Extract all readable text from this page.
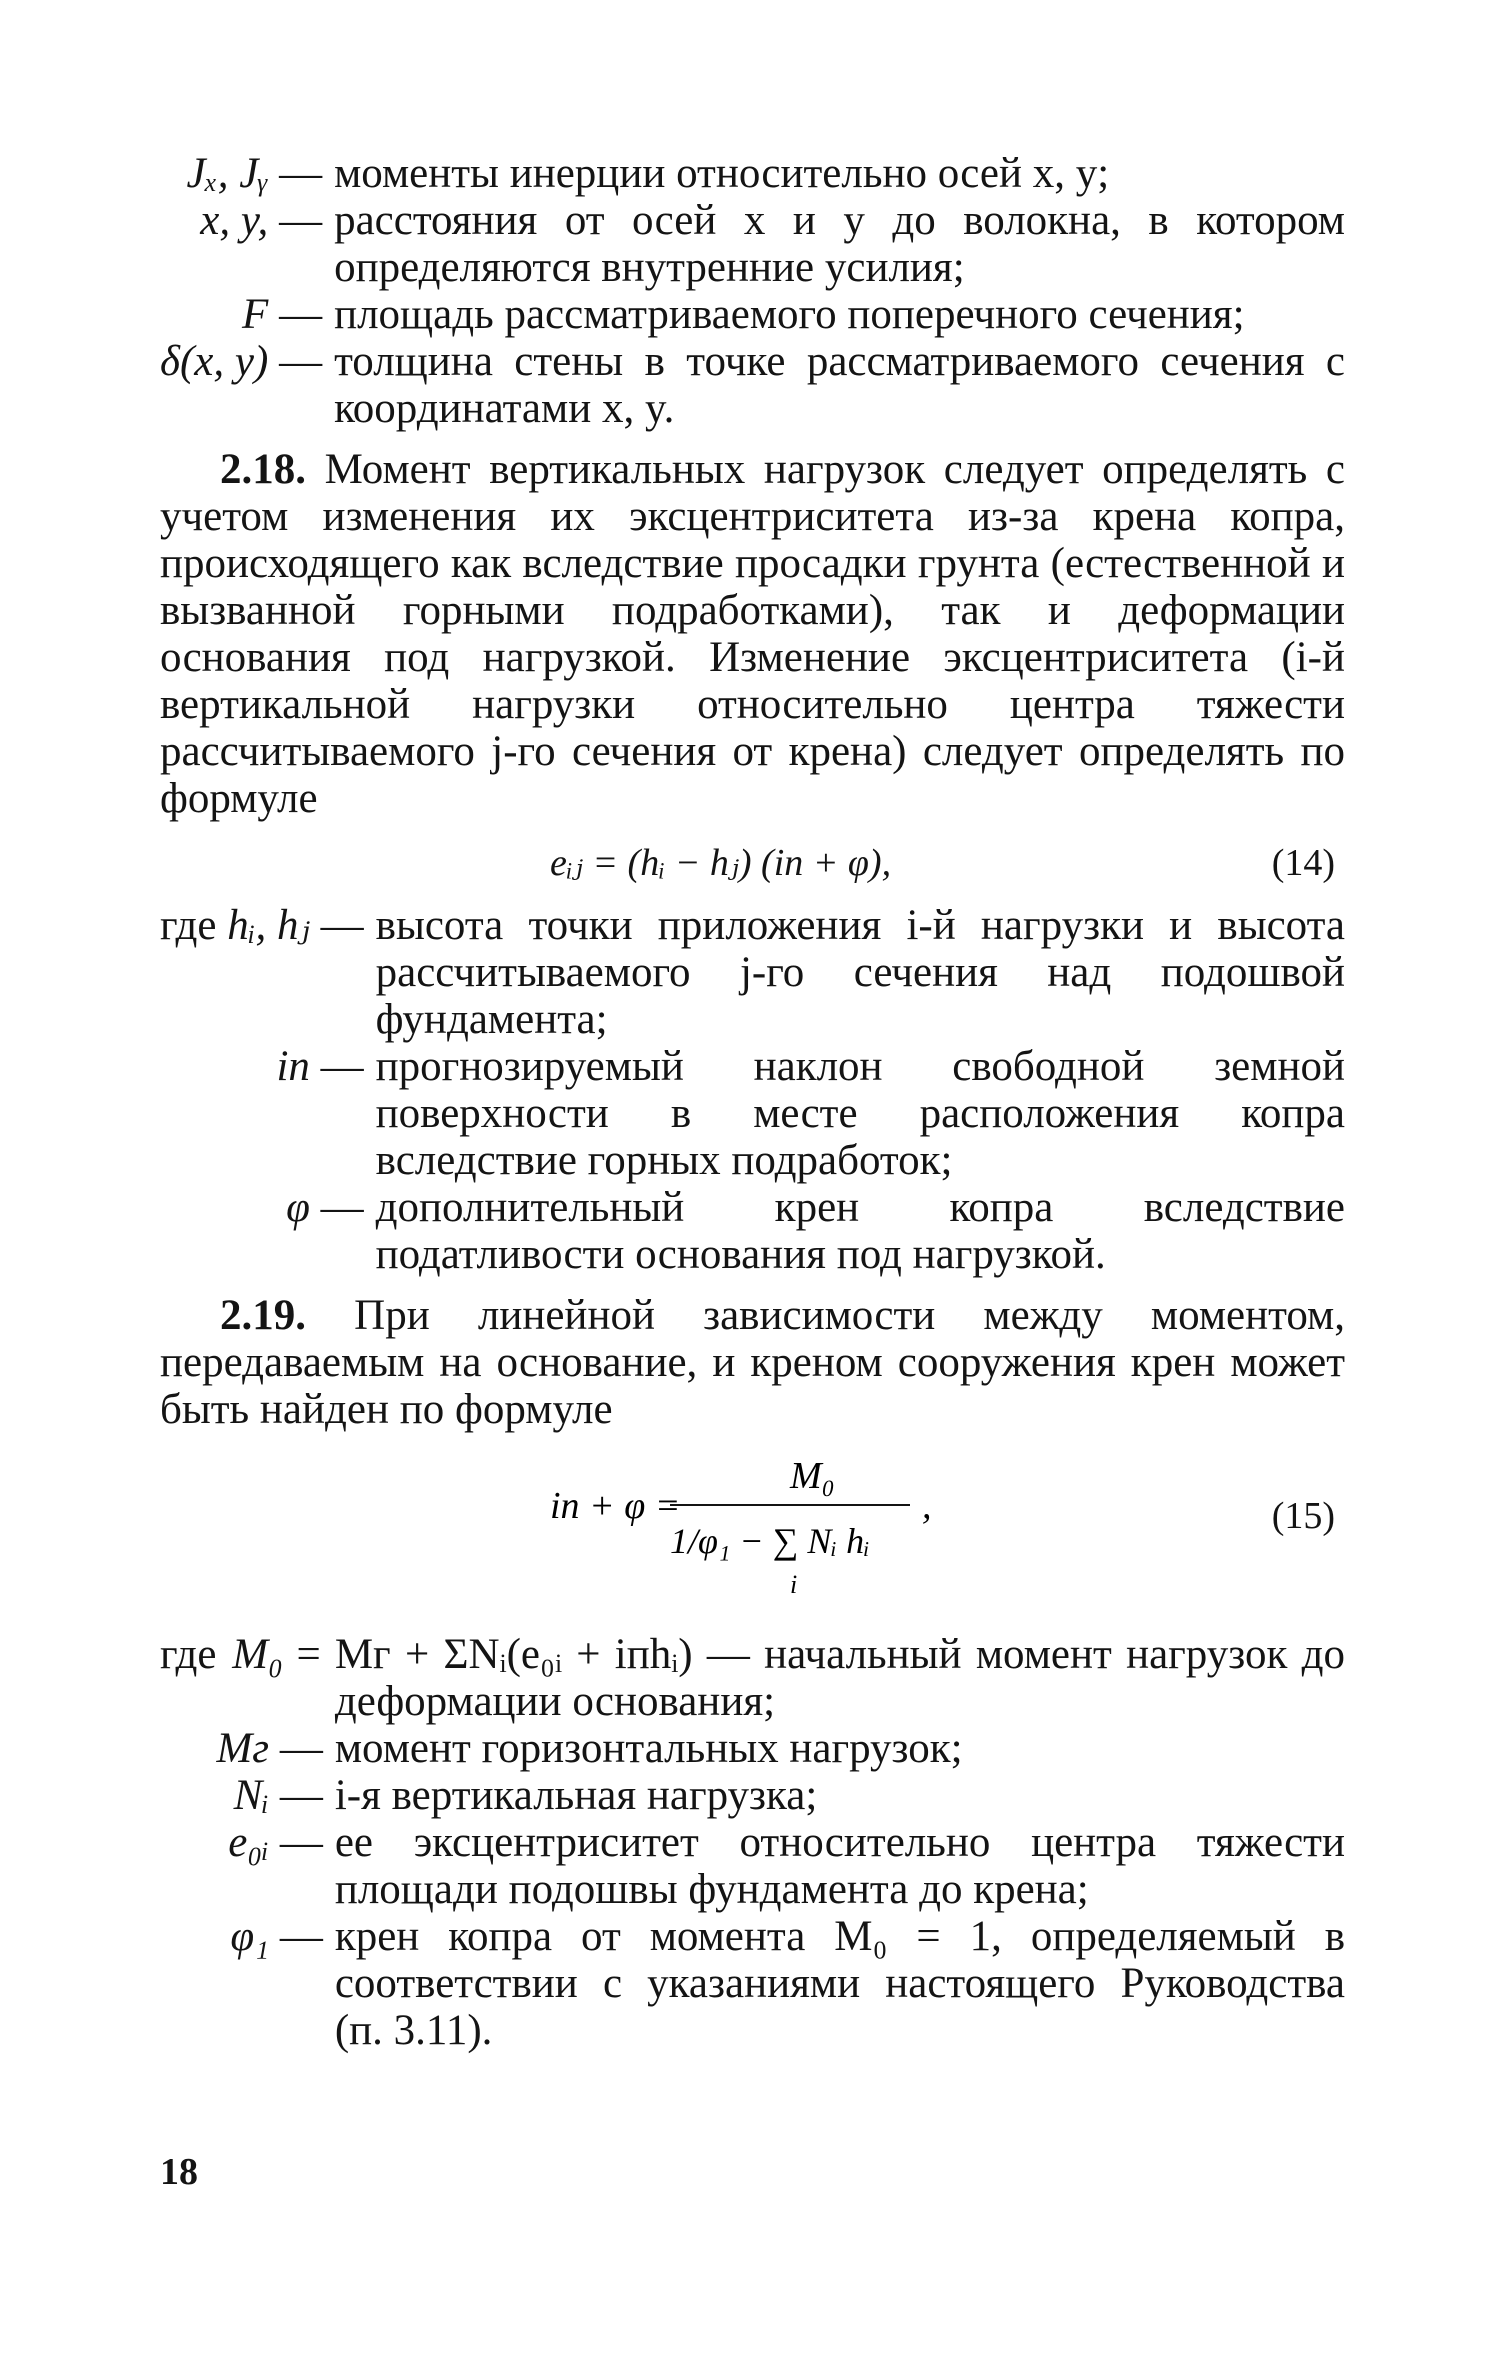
Jₓ, Jᵧ —	моменты инерции относительно осей x, y;
x, y, —	расстояния от осей x и y до волокна, в котором определяются внутренние усилия;
F —	площадь рассматриваемого поперечного сечения;
δ(x, y) —	толщина стены в точке рассматриваемого сечения с координатами x, y.

2.18. Момент вертикальных нагрузок следует определять с учетом изменения их эксцентриситета из-за крена копра, происходящего как вследствие просадки грунта (естественной и вызванной горными подработками), так и деформации основания под нагрузкой. Изменение эксцентриситета (i-й вертикальной нагрузки относительно центра тяжести рассчитываемого j-го сечения от крена) следует определять по формуле

eᵢⱼ = (hᵢ − hⱼ) (iп + φ),	(14)
где hᵢ, hⱼ —	высота точки приложения i-й нагрузки и высота рассчитываемого j-го сечения над подошвой фундамента;
iп —	прогнозируемый наклон свободной земной поверхности в месте расположения копра вследствие горных подработок;
φ —	дополнительный крен копра вследствие податливости основания под нагрузкой.

2.19. При линейной зависимости между моментом, передаваемым на основание, и креном сооружения крен может быть найден по формуле

iп + φ =
M₀
1/φ₁ − ∑ Nᵢ hᵢ
i
,	(15)
где	M₀ =	Mг + ΣNᵢ(e₀ᵢ + iпhᵢ) — начальный момент нагрузок до деформации основания;
Mг —	момент горизонтальных нагрузок;
Nᵢ —	i-я вертикальная нагрузка;
e₀ᵢ —	ее эксцентриситет относительно центра тяжести площади подошвы фундамента до крена;
φ₁ —	крен копра от момента M₀ = 1, определяемый в соответствии с указаниями настоящего Руководства (п. 3.11).
18
